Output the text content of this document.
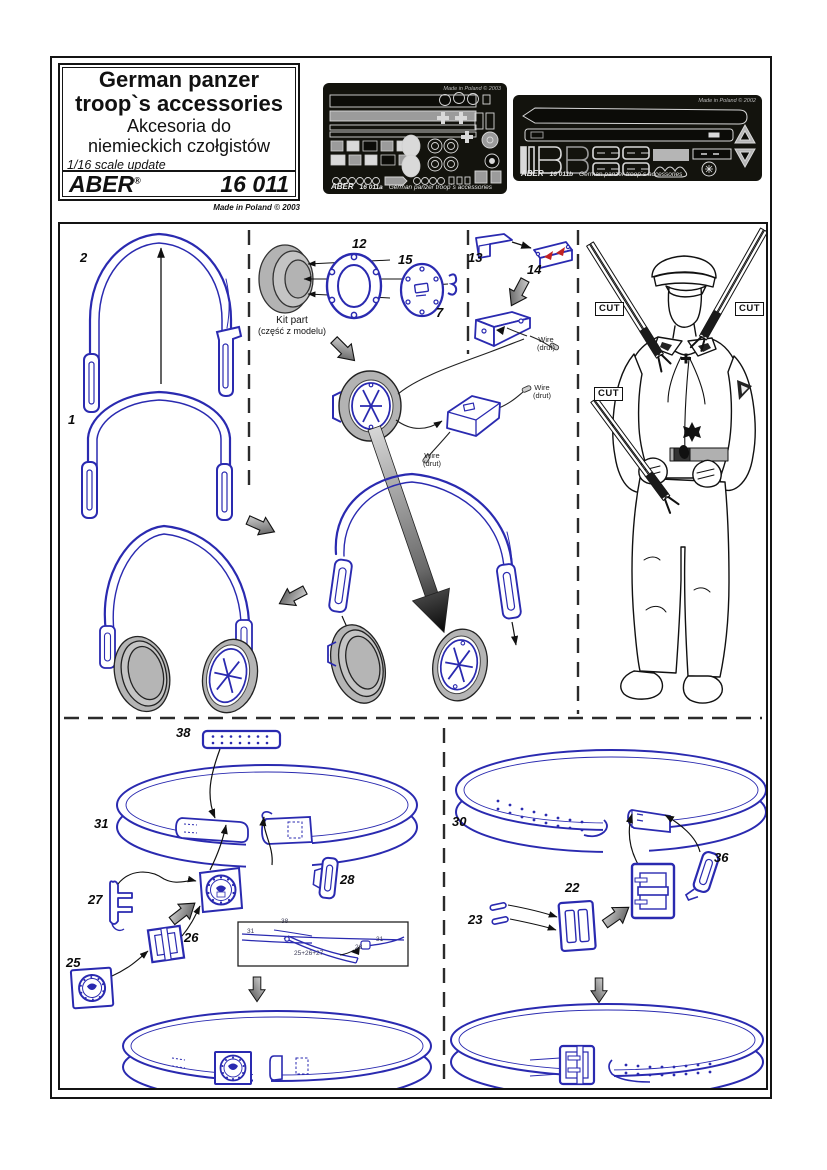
German panzer
troop`s accessories
Akcesoria do
niemieckich czołgistów
1/16 scale update
ABER®	16 011
Made in Poland © 2003
ABER 16 011a German panzer troop`s accessories
Made in Poland © 2003
ABER 16 011b German panzer troop`s accessories
Made in Poland © 2002
2
1
12
15
7
13
14
Kit part
(część z modelu)
Wire
(drut)
Wire
(drut)
Wire
(drut)
CUT	CUT
CUT
38
31
28
27
26
25
30
36
22
23
38
31
25+26+27
28
31
